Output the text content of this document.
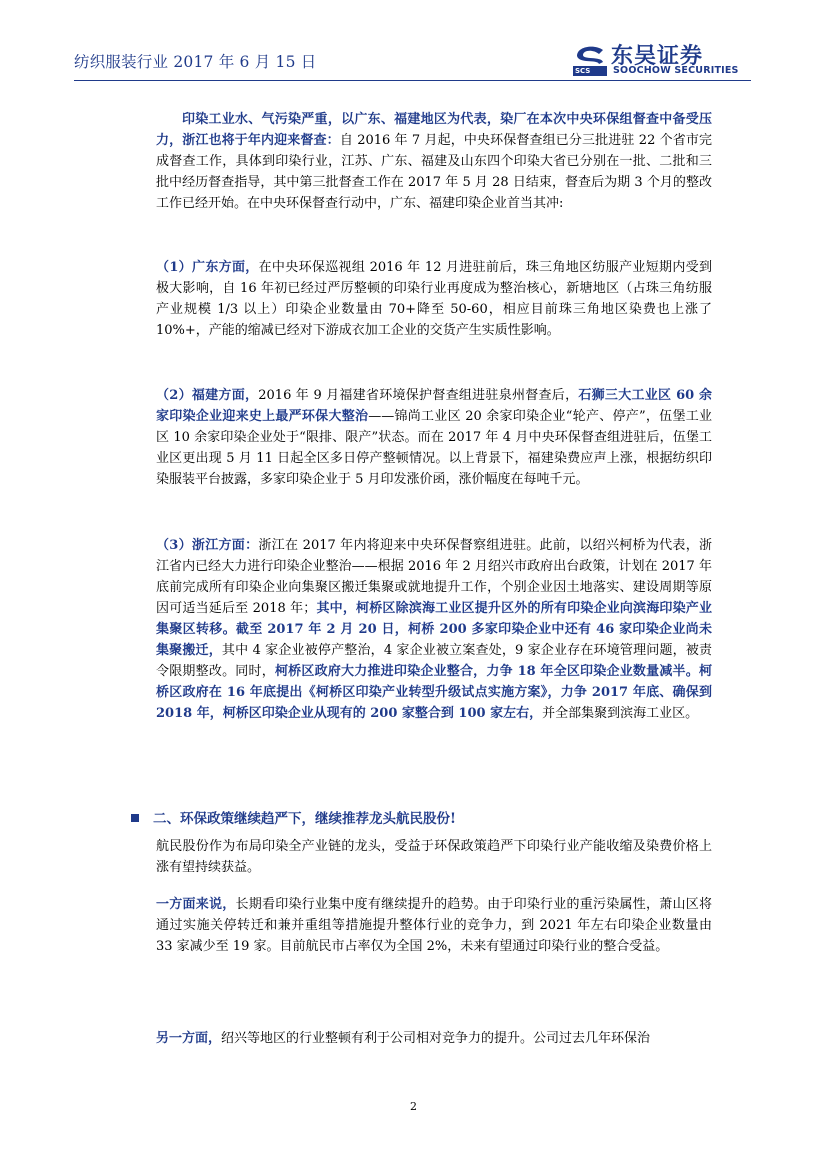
纺织服装行业 2017 年 6 月 15 日	SCS
东吴证券
SOOCHOW SECURITIES
印染工业水、气污染严重，以广东、福建地区为代表，染厂在本次中央环保组督查中备受压力，浙江也将于年内迎来督查：自 2016 年 7 月起，中央环保督查组已分三批进驻 22 个省市完成督查工作，具体到印染行业，江苏、广东、福建及山东四个印染大省已分别在一批、二批和三批中经历督查指导，其中第三批督查工作在 2017 年 5 月 28 日结束，督查后为期 3 个月的整改工作已经开始。在中央环保督查行动中，广东、福建印染企业首当其冲:
（1）广东方面，在中央环保巡视组 2016 年 12 月进驻前后，珠三角地区纺服产业短期内受到极大影响，自 16 年初已经过严厉整顿的印染行业再度成为整治核心，新塘地区（占珠三角纺服产业规模 1/3 以上）印染企业数量由 70+降至 50-60，相应目前珠三角地区染费也上涨了 10%+，产能的缩减已经对下游成衣加工企业的交货产生实质性影响。
（2）福建方面，2016 年 9 月福建省环境保护督查组进驻泉州督查后，石狮三大工业区 60 余家印染企业迎来史上最严环保大整治——锦尚工业区 20 余家印染企业“轮产、停产”，伍堡工业区 10 余家印染企业处于“限排、限产”状态。而在 2017 年 4 月中央环保督查组进驻后，伍堡工业区更出现 5 月 11 日起全区多日停产整顿情况。以上背景下，福建染费应声上涨，根据纺织印染服装平台披露，多家印染企业于 5 月印发涨价函，涨价幅度在每吨千元。
（3）浙江方面：浙江在 2017 年内将迎来中央环保督察组进驻。此前，以绍兴柯桥为代表，浙江省内已经大力进行印染企业整治——根据 2016 年 2 月绍兴市政府出台政策，计划在 2017 年底前完成所有印染企业向集聚区搬迁集聚或就地提升工作，个别企业因土地落实、建设周期等原因可适当延后至 2018 年；其中，柯桥区除滨海工业区提升区外的所有印染企业向滨海印染产业集聚区转移。截至 2017 年 2 月 20 日，柯桥 200 多家印染企业中还有 46 家印染企业尚未集聚搬迁，其中 4 家企业被停产整治，4 家企业被立案查处，9 家企业存在环境管理问题，被责令限期整改。同时，柯桥区政府大力推进印染企业整合，力争 18 年全区印染企业数量减半。柯桥区政府在 16 年底提出《柯桥区印染产业转型升级试点实施方案》，力争 2017 年底、确保到 2018 年，柯桥区印染企业从现有的 200 家整合到 100 家左右，并全部集聚到滨海工业区。
二、环保政策继续趋严下，继续推荐龙头航民股份!
航民股份作为布局印染全产业链的龙头，受益于环保政策趋严下印染行业产能收缩及染费价格上涨有望持续获益。
一方面来说，长期看印染行业集中度有继续提升的趋势。由于印染行业的重污染属性，萧山区将通过实施关停转迁和兼并重组等措施提升整体行业的竞争力，到 2021 年左右印染企业数量由 33 家减少至 19 家。目前航民市占率仅为全国 2%，未来有望通过印染行业的整合受益。
另一方面，绍兴等地区的行业整顿有利于公司相对竞争力的提升。公司过去几年环保治
2
